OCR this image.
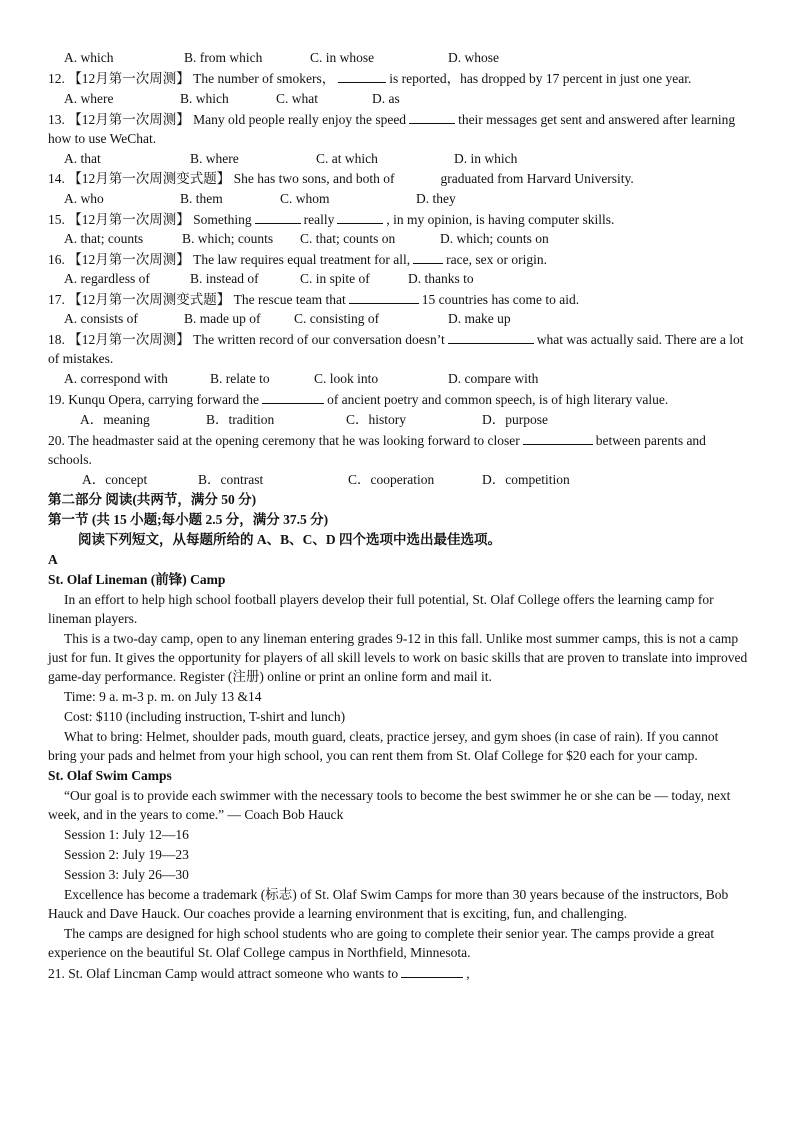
A. which	B. from which	C. in whose	D. whose
12. 【12月第一次周测】 The number of smokers，	is reported，has dropped by 17 percent in just one year.
A. where	B. which	C. what	D. as
13. 【12月第一次周测】 Many old people really enjoy the speed	their messages get sent and answered after learning how to use WeChat.
A. that	B. where	C. at which	D. in which
14. 【12月第一次周测变式题】 She has two sons, and both of	graduated from Harvard University.
A. who	B. them	C. whom	D. they
15. 【12月第一次周测】 Something	really	, in my opinion, is having computer skills.
A. that; counts	B. which; counts C. that; counts on	D. which; counts on
16. 【12月第一次周测】 The law requires equal treatment for all,	race, sex or origin.
A. regardless of	B. instead of	C. in spite of	D. thanks to
17. 【12月第一次周测变式题】 The rescue team that	15 countries has come to aid.
A. consists of	B. made up of C. consisting of	D. make up
18. 【12月第一次周测】 The written record of our conversation doesn’t	what was actually said. There are a lot of mistakes.
A. correspond with	B. relate to	C. look into	D. compare with
19. Kunqu Opera, carrying forward the	of ancient poetry and common speech, is of high literary value.
A．meaning	B．tradition	C．history	D．purpose
20. The headmaster said at the opening ceremony that he was looking forward to closer	between parents and schools.
A．concept	B．contrast	C．cooperation	D．competition
第二部分 阅读(共两节，满分 50 分)
第一节 (共 15 小题;每小题 2.5 分，满分 37.5 分)
阅读下列短文，从每题所给的 A、B、C、D 四个选项中选出最佳选项。
A
St. Olaf Lineman (前锋) Camp
In an effort to help high school football players develop their full potential, St. Olaf College offers the learning camp for lineman players.
This is a two-day camp, open to any lineman entering grades 9-12 in this fall. Unlike most summer camps, this is not a camp just for fun. It gives the opportunity for players of all skill levels to work on basic skills that are proven to translate into improved game-day performance. Register (注册) online or print an online form and mail it.
Time: 9 a. m-3 p. m. on July 13 &14
Cost: $110 (including instruction, T-shirt and lunch)
What to bring: Helmet, shoulder pads, mouth guard, cleats, practice jersey, and gym shoes (in case of rain). If you cannot bring your pads and helmet from your high school, you can rent them from St. Olaf College for $20 each for your camp.
St. Olaf Swim Camps
“Our goal is to provide each swimmer with the necessary tools to become the best swimmer he or she can be — today, next week, and in the years to come.” — Coach Bob Hauck
Session 1: July 12—16
Session 2: July 19—23
Session 3: July 26—30
Excellence has become a trademark (标志) of St. Olaf Swim Camps for more than 30 years because of the instructors, Bob Hauck and Dave Hauck. Our coaches provide a learning environment that is exciting, fun, and challenging.
The camps are designed for high school students who are going to complete their senior year. The camps provide a great experience on the beautiful St. Olaf College campus in Northfield, Minnesota.
21. St. Olaf Lincman Camp would attract someone who wants to	,
